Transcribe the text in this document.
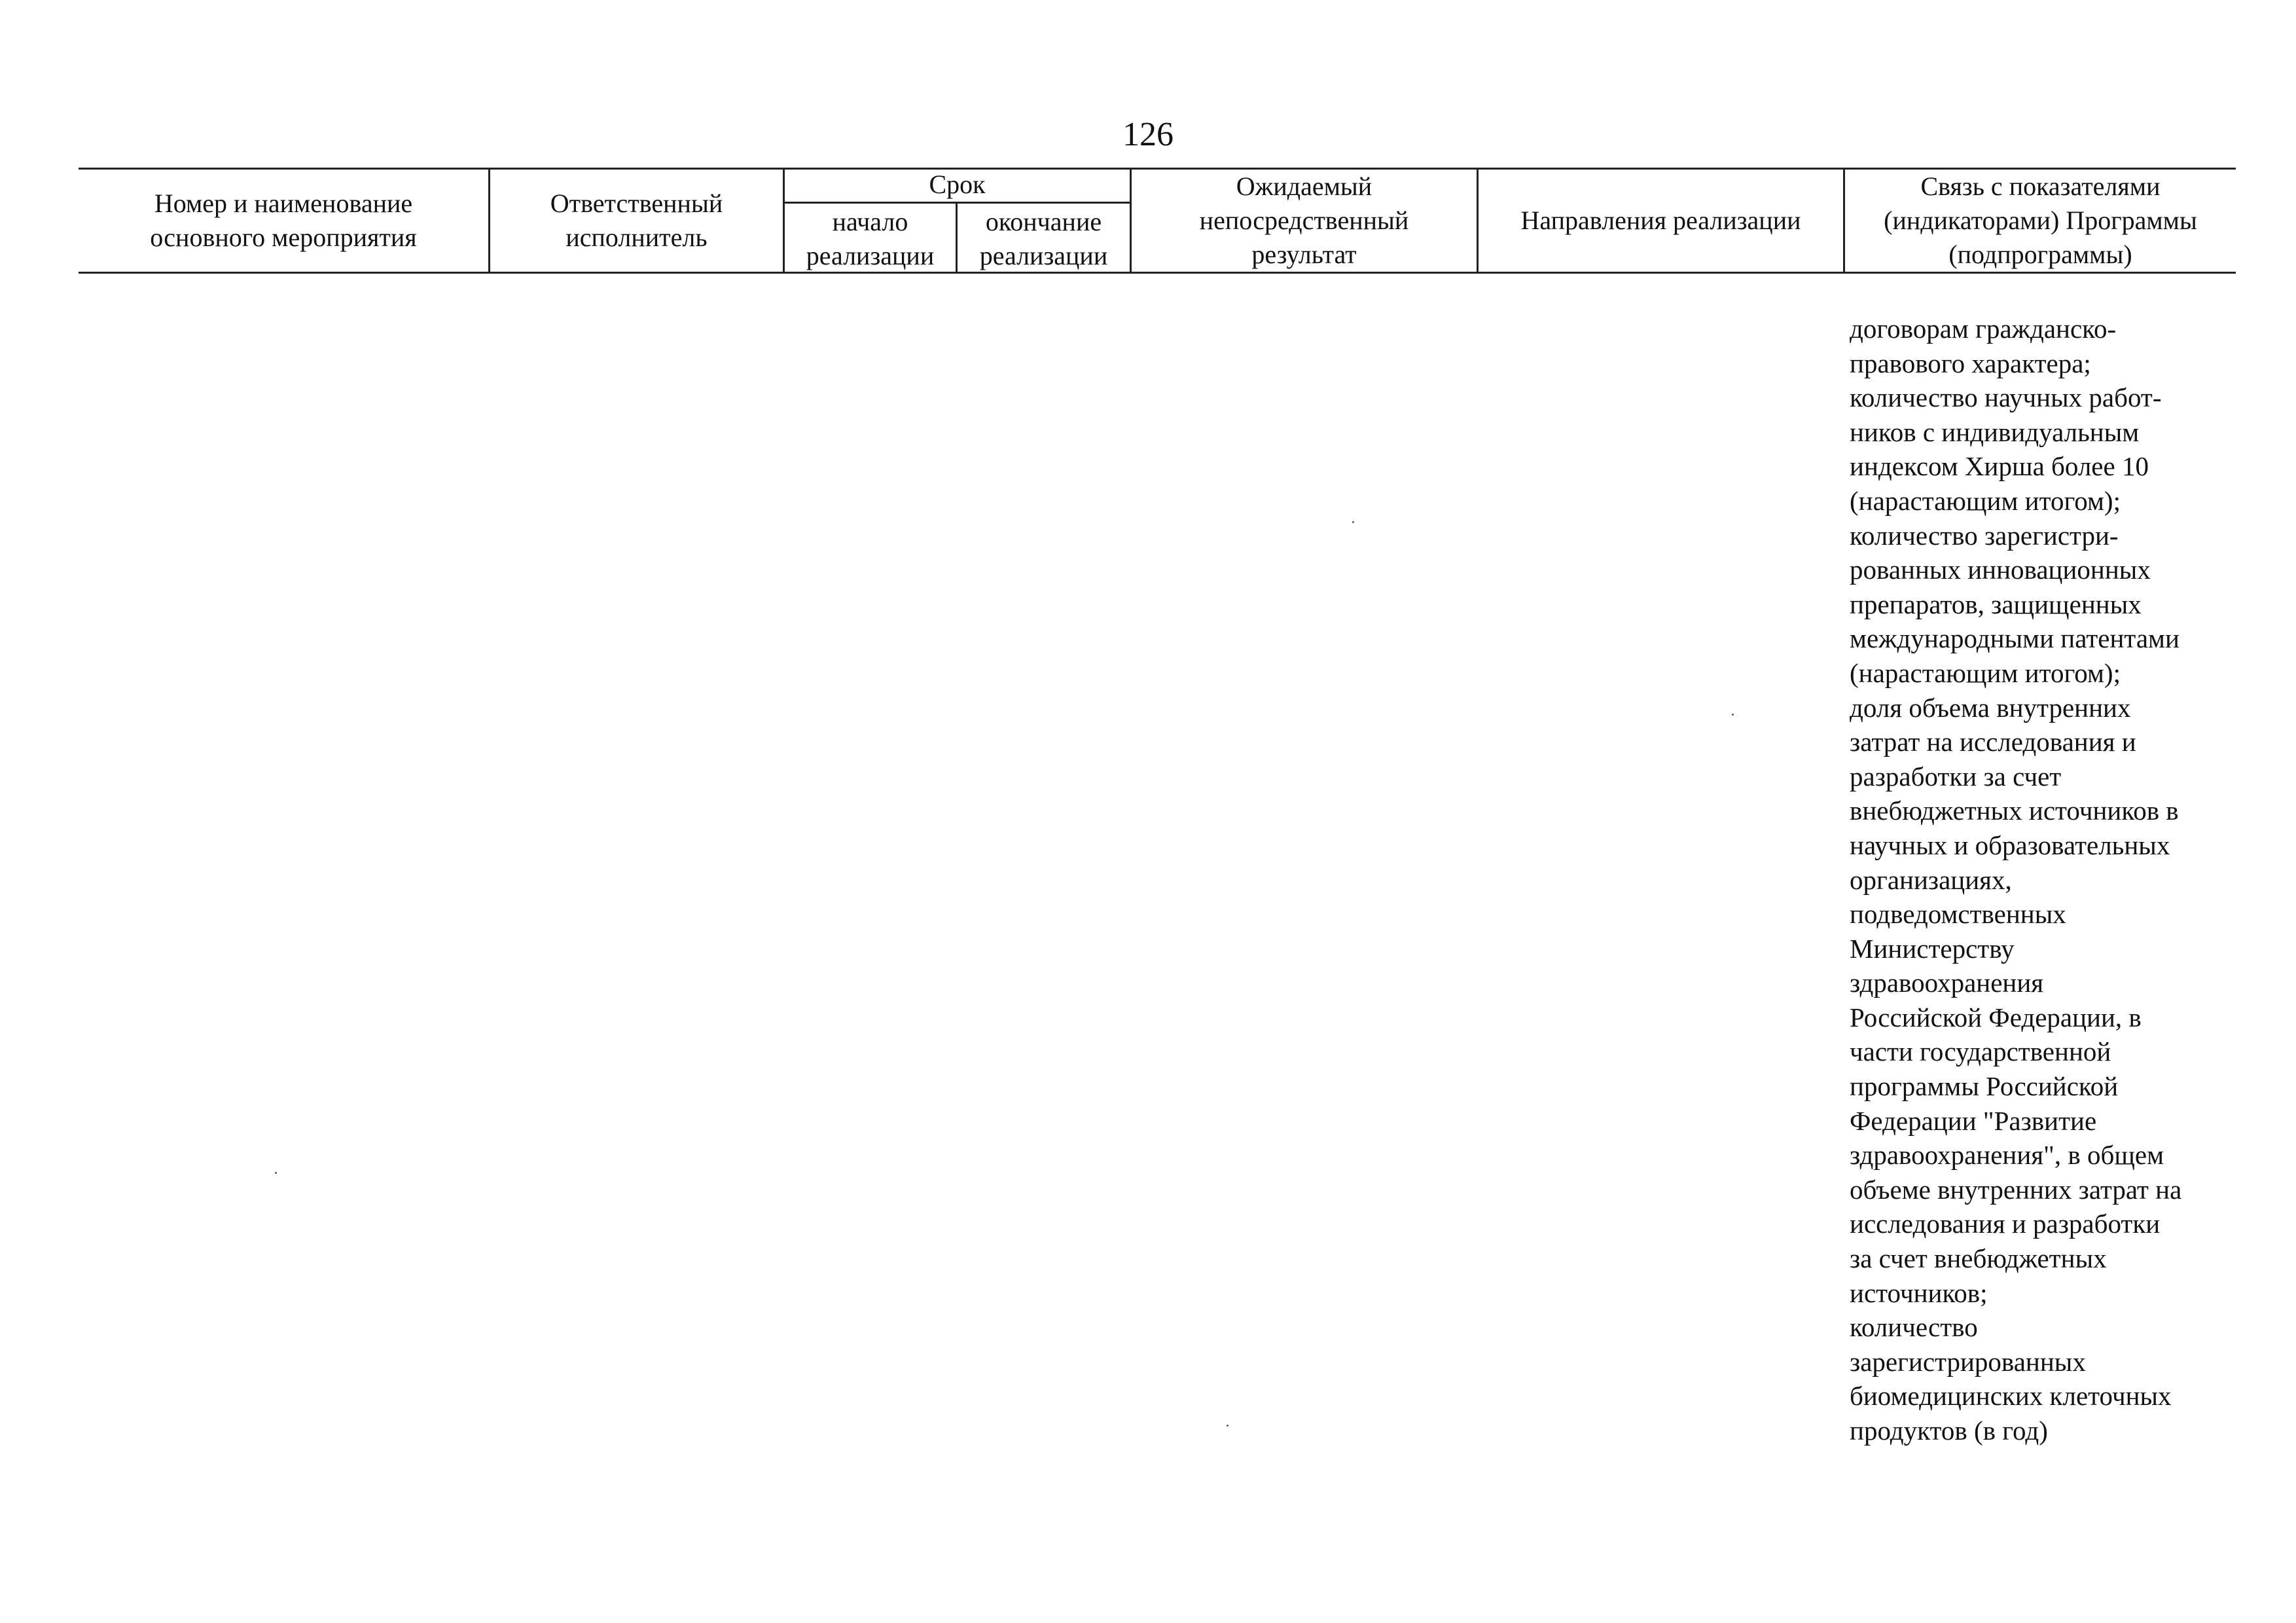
126
Номер и наименование
основного мероприятия
Ответственный
исполнитель
Срок
начало
реализации
окончание
реализации
Ожидаемый
непосредственный
результат
Направления реализации
Связь с показателями
(индикаторами) Программы
(подпрограммы)
договорам гражданско-
правового характера;
количество научных работ-
ников с индивидуальным
индексом Хирша более 10
(нарастающим итогом);
количество зарегистри-
рованных инновационных
препаратов, защищенных
международными патентами
(нарастающим итогом);
доля объема внутренних
затрат на исследования и
разработки за счет
внебюджетных источников в
научных и образовательных
организациях,
подведомственных
Министерству
здравоохранения
Российской Федерации, в
части государственной
программы Российской
Федерации "Развитие
здравоохранения", в общем
объеме внутренних затрат на
исследования и разработки
за счет внебюджетных
источников;
количество
зарегистрированных
биомедицинских клеточных
продуктов (в год)
